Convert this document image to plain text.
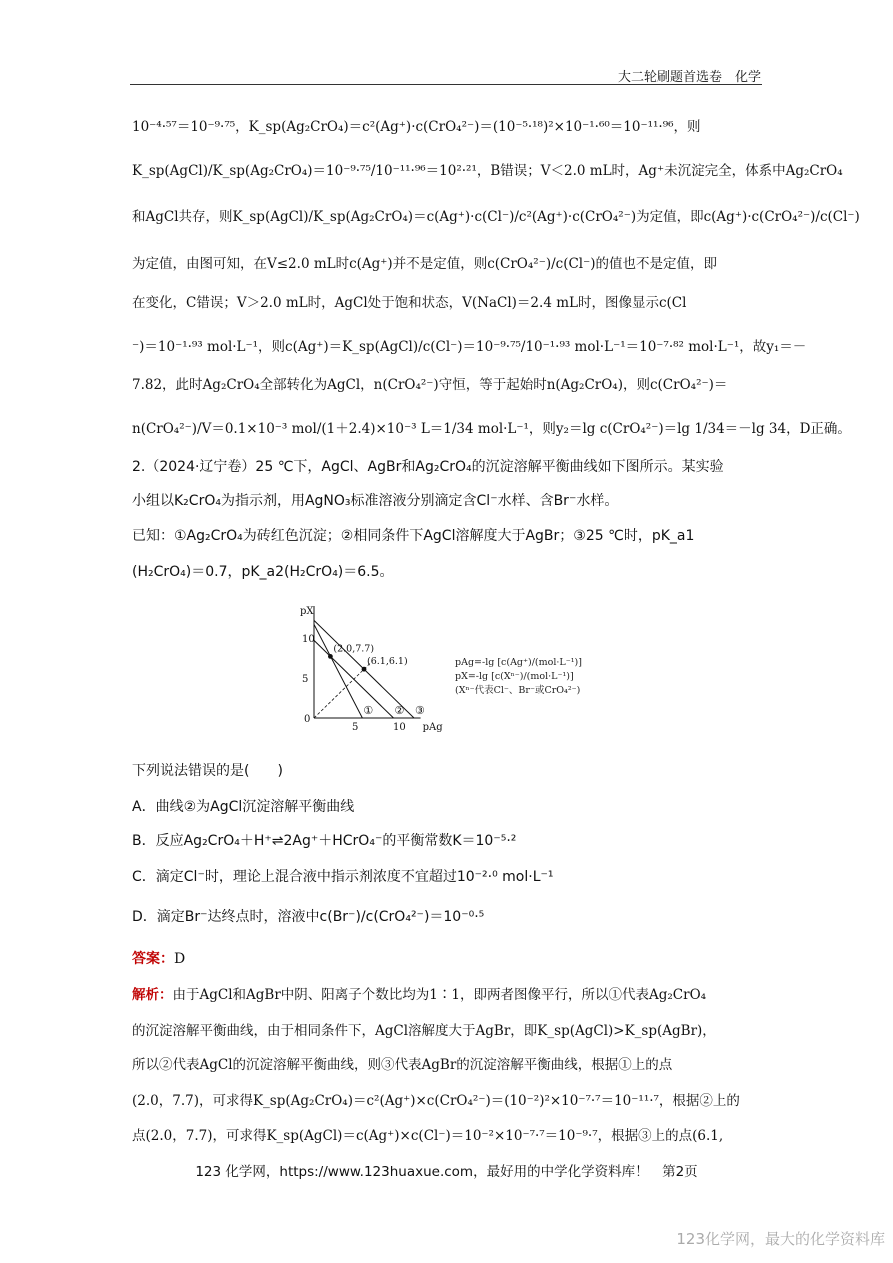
大二轮刷题首选卷　化学
10⁻⁴·⁵⁷＝10⁻⁹·⁷⁵，K_sp(Ag₂CrO₄)＝c²(Ag⁺)·c(CrO₄²⁻)＝(10⁻⁵·¹⁸)²×10⁻¹·⁶⁰＝10⁻¹¹·⁹⁶，则
K_sp(AgCl)/K_sp(Ag₂CrO₄)＝10⁻⁹·⁷⁵/10⁻¹¹·⁹⁶＝10²·²¹，B错误；V＜2.0 mL时，Ag⁺未沉淀完全，体系中Ag₂CrO₄
和AgCl共存，则K_sp(AgCl)/K_sp(Ag₂CrO₄)＝c(Ag⁺)·c(Cl⁻)/c²(Ag⁺)·c(CrO₄²⁻)为定值，即c(Ag⁺)·c(CrO₄²⁻)/c(Cl⁻)
为定值，由图可知，在V≤2.0 mL时c(Ag⁺)并不是定值，则c(CrO₄²⁻)/c(Cl⁻)的值也不是定值，即
在变化，C错误；V＞2.0 mL时，AgCl处于饱和状态，V(NaCl)＝2.4 mL时，图像显示c(Cl
⁻)＝10⁻¹·⁹³ mol·L⁻¹，则c(Ag⁺)＝K_sp(AgCl)/c(Cl⁻)＝10⁻⁹·⁷⁵/10⁻¹·⁹³ mol·L⁻¹＝10⁻⁷·⁸² mol·L⁻¹，故y₁＝－
7.82，此时Ag₂CrO₄全部转化为AgCl，n(CrO₄²⁻)守恒，等于起始时n(Ag₂CrO₄)，则c(CrO₄²⁻)＝
n(CrO₄²⁻)/V＝0.1×10⁻³ mol/(1＋2.4)×10⁻³ L＝1/34 mol·L⁻¹，则y₂＝lg c(CrO₄²⁻)＝lg 1/34＝－lg 34，D正确。
2.（2024·辽宁卷）25 ℃下，AgCl、AgBr和Ag₂CrO₄的沉淀溶解平衡曲线如下图所示。某实验
小组以K₂CrO₄为指示剂，用AgNO₃标准溶液分别滴定含Cl⁻水样、含Br⁻水样。
已知：①Ag₂CrO₄为砖红色沉淀；②相同条件下AgCl溶解度大于AgBr；③25 ℃时，pK_a1
(H₂CrO₄)＝0.7，pK_a2(H₂CrO₄)＝6.5。
pAg
pX
0
5	10
5
10
① ② ③
(2.0,7.7)
(6.1,6.1)	pAg=-lg [c(Ag⁺)/(mol·L⁻¹)]
pX=-lg [c(Xⁿ⁻)/(mol·L⁻¹)]
(Xⁿ⁻代表Cl⁻、Br⁻或CrO₄²⁻)
下列说法错误的是(　　)
A．曲线②为AgCl沉淀溶解平衡曲线
B．反应Ag₂CrO₄＋H⁺⇌2Ag⁺＋HCrO₄⁻的平衡常数K＝10⁻⁵·²
C．滴定Cl⁻时，理论上混合液中指示剂浓度不宜超过10⁻²·⁰ mol·L⁻¹
D．滴定Br⁻达终点时，溶液中c(Br⁻)/c(CrO₄²⁻)＝10⁻⁰·⁵
答案：D
解析：由于AgCl和AgBr中阴、阳离子个数比均为1∶1，即两者图像平行，所以①代表Ag₂CrO₄
的沉淀溶解平衡曲线，由于相同条件下，AgCl溶解度大于AgBr，即K_sp(AgCl)>K_sp(AgBr)，
所以②代表AgCl的沉淀溶解平衡曲线，则③代表AgBr的沉淀溶解平衡曲线，根据①上的点
(2.0，7.7)，可求得K_sp(Ag₂CrO₄)＝c²(Ag⁺)×c(CrO₄²⁻)＝(10⁻²)²×10⁻⁷·⁷＝10⁻¹¹·⁷，根据②上的
点(2.0，7.7)，可求得K_sp(AgCl)＝c(Ag⁺)×c(Cl⁻)＝10⁻²×10⁻⁷·⁷＝10⁻⁹·⁷，根据③上的点(6.1,
123 化学网，https://www.123huaxue.com，最好用的中学化学资料库！　第2页
123化学网，最大的化学资料库
